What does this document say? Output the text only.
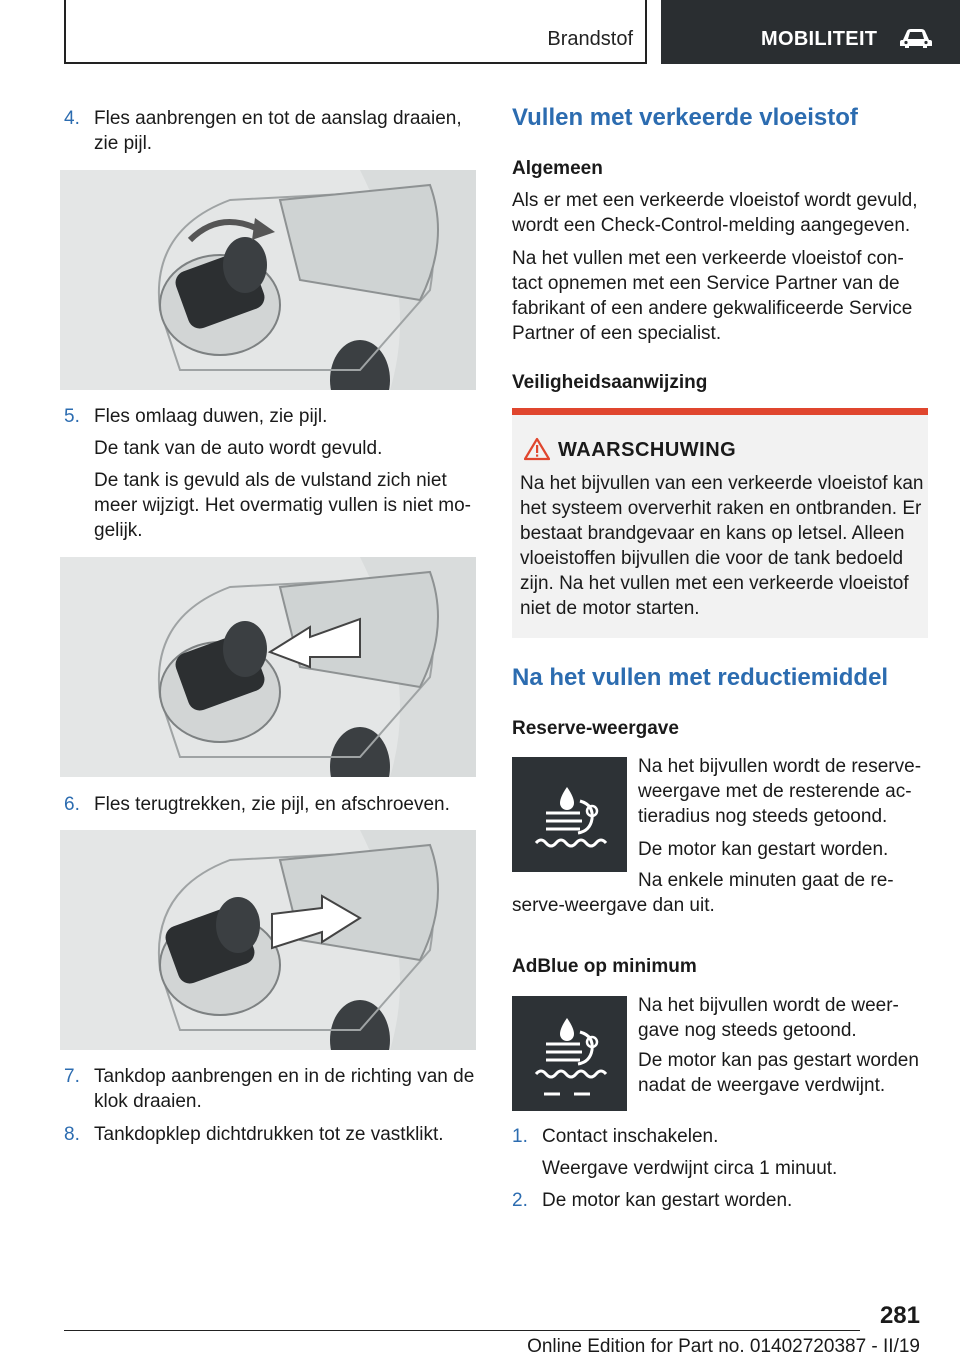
Brandstof	MOBILITEIT
4. Fles aanbrengen en tot de aanslag draaien, zie pijl.
5. Fles omlaag duwen, zie pijl.
De tank van de auto wordt gevuld.
De tank is gevuld als de vulstand zich niet meer wijzigt. Het overmatig vullen is niet mo-gelijk.
6. Fles terugtrekken, zie pijl, en afschroeven.
7. Tankdop aanbrengen en in de richting van de klok draaien.
8. Tankdopklep dichtdrukken tot ze vastklikt.
Vullen met verkeerde vloeistof
Algemeen
Als er met een verkeerde vloeistof wordt gevuld, wordt een Check-Control-melding aangegeven.
Na het vullen met een verkeerde vloeistof con-tact opnemen met een Service Partner van de fabrikant of een andere gekwalificeerde Service Partner of een specialist.
Veiligheidsaanwijzing
WAARSCHUWING
Na het bijvullen van een verkeerde vloeistof kan het systeem oververhit raken en ontbranden. Er bestaat brandgevaar en kans op letsel. Alleen vloeistoffen bijvullen die voor de tank bedoeld zijn. Na het vullen met een verkeerde vloeistof niet de motor starten.
Na het vullen met reductiemiddel
Reserve-weergave
Na het bijvullen wordt de reserve-weergave met de resterende ac-tieradius nog steeds getoond.
De motor kan gestart worden.
Na enkele minuten gaat de re-
serve-weergave dan uit.
AdBlue op minimum
Na het bijvullen wordt de weer-gave nog steeds getoond.
De motor kan pas gestart worden nadat de weergave verdwijnt.
1. Contact inschakelen.
Weergave verdwijnt circa 1 minuut.
2. De motor kan gestart worden.
281
Online Edition for Part no. 01402720387 - II/19
